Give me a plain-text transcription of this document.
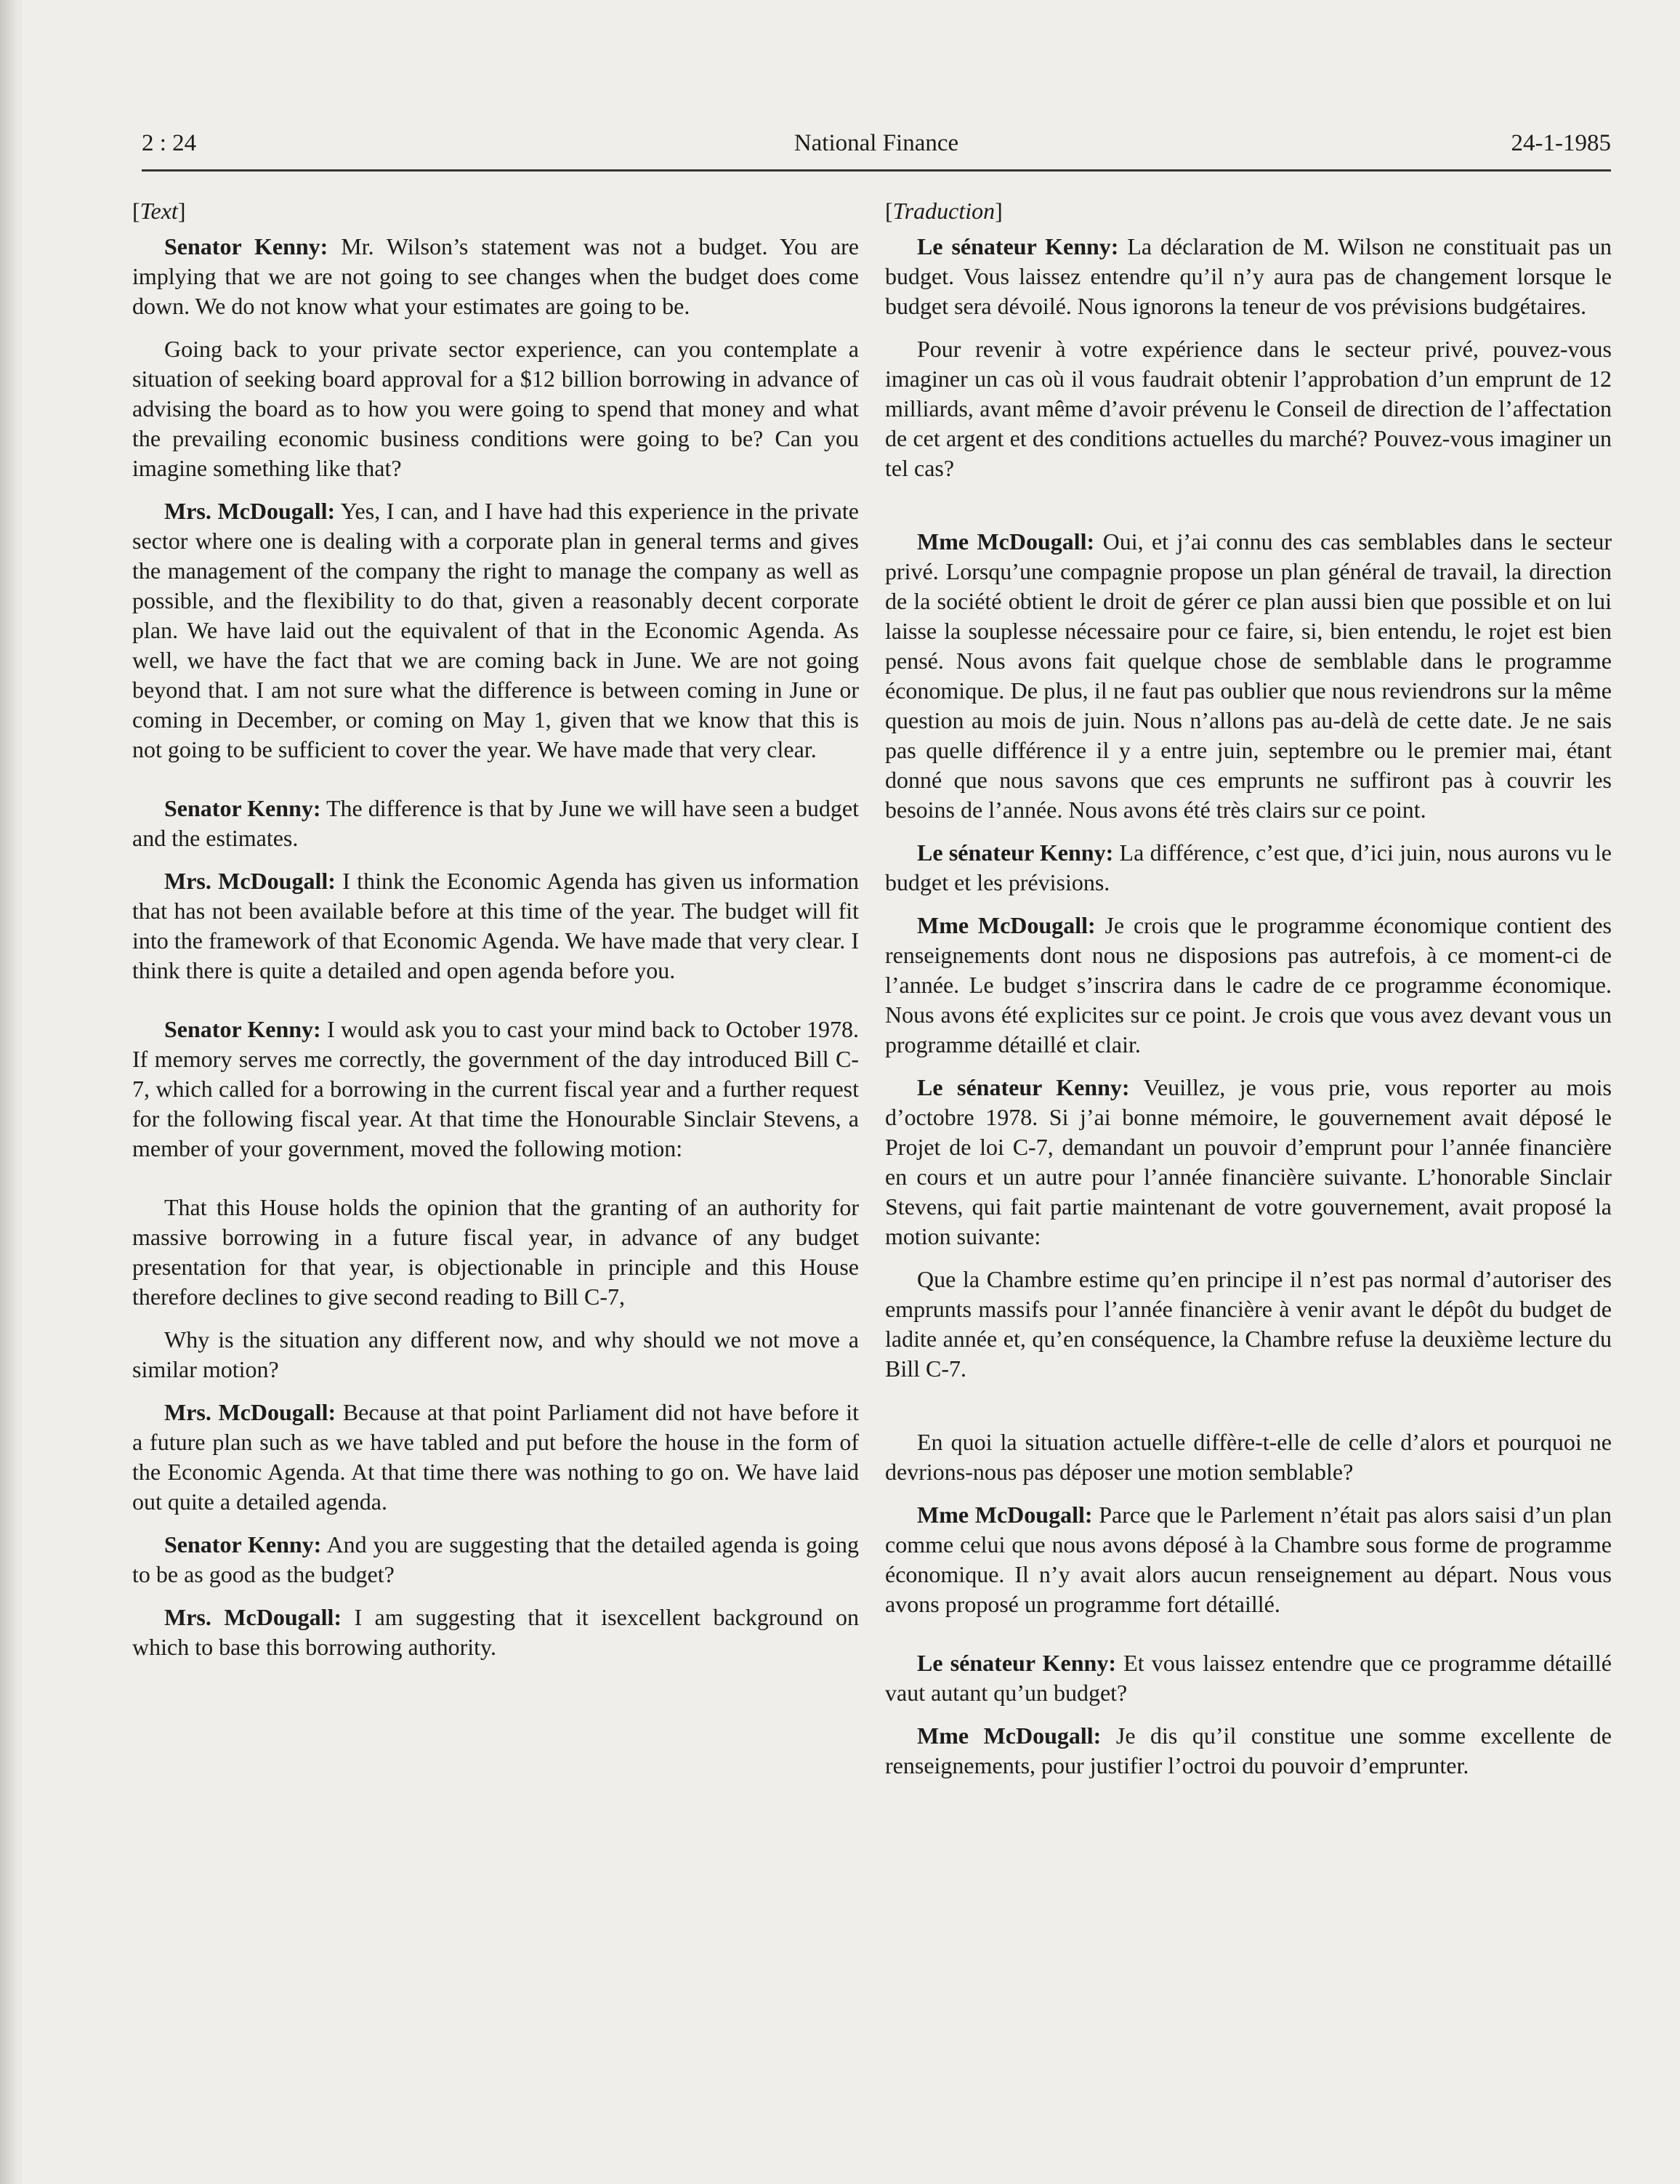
2 : 24	National Finance	24-1-1985

[Text]

Senator Kenny: Mr. Wilson’s statement was not a budget. You are implying that we are not going to see changes when the budget does come down. We do not know what your estimates are going to be.

Going back to your private sector experience, can you contemplate a situation of seeking board approval for a $12 billion borrowing in advance of advising the board as to how you were going to spend that money and what the prevailing economic business conditions were going to be? Can you imagine something like that?

Mrs. McDougall: Yes, I can, and I have had this experience in the private sector where one is dealing with a corporate plan in general terms and gives the management of the company the right to manage the company as well as possible, and the flexibility to do that, given a reasonably decent corporate plan. We have laid out the equivalent of that in the Economic Agenda. As well, we have the fact that we are coming back in June. We are not going beyond that. I am not sure what the difference is between coming in June or coming in December, or coming on May 1, given that we know that this is not going to be sufficient to cover the year. We have made that very clear.

Senator Kenny: The difference is that by June we will have seen a budget and the estimates.

Mrs. McDougall: I think the Economic Agenda has given us information that has not been available before at this time of the year. The budget will fit into the framework of that Economic Agenda. We have made that very clear. I think there is quite a detailed and open agenda before you.

Senator Kenny: I would ask you to cast your mind back to October 1978. If memory serves me correctly, the government of the day introduced Bill C-7, which called for a borrowing in the current fiscal year and a further request for the following fiscal year. At that time the Honourable Sinclair Stevens, a member of your government, moved the following motion:

That this House holds the opinion that the granting of an authority for massive borrowing in a future fiscal year, in advance of any budget presentation for that year, is objectionable in principle and this House therefore declines to give second reading to Bill C-7,

Why is the situation any different now, and why should we not move a similar motion?

Mrs. McDougall: Because at that point Parliament did not have before it a future plan such as we have tabled and put before the house in the form of the Economic Agenda. At that time there was nothing to go on. We have laid out quite a detailed agenda.

Senator Kenny: And you are suggesting that the detailed agenda is going to be as good as the budget?

Mrs. McDougall: I am suggesting that it isexcellent background on which to base this borrowing authority.

[Traduction]

Le sénateur Kenny: La déclaration de M. Wilson ne constituait pas un budget. Vous laissez entendre qu’il n’y aura pas de changement lorsque le budget sera dévoilé. Nous ignorons la teneur de vos prévisions budgétaires.

Pour revenir à votre expérience dans le secteur privé, pouvez-vous imaginer un cas où il vous faudrait obtenir l’approbation d’un emprunt de 12 milliards, avant même d’avoir prévenu le Conseil de direction de l’affectation de cet argent et des conditions actuelles du marché? Pouvez-vous imaginer un tel cas?

Mme McDougall: Oui, et j’ai connu des cas semblables dans le secteur privé. Lorsqu’une compagnie propose un plan général de travail, la direction de la société obtient le droit de gérer ce plan aussi bien que possible et on lui laisse la souplesse nécessaire pour ce faire, si, bien entendu, le rojet est bien pensé. Nous avons fait quelque chose de semblable dans le programme économique. De plus, il ne faut pas oublier que nous reviendrons sur la même question au mois de juin. Nous n’allons pas au-delà de cette date. Je ne sais pas quelle différence il y a entre juin, septembre ou le premier mai, étant donné que nous savons que ces emprunts ne suffiront pas à couvrir les besoins de l’année. Nous avons été très clairs sur ce point.

Le sénateur Kenny: La différence, c’est que, d’ici juin, nous aurons vu le budget et les prévisions.

Mme McDougall: Je crois que le programme économique contient des renseignements dont nous ne disposions pas autrefois, à ce moment-ci de l’année. Le budget s’inscrira dans le cadre de ce programme économique. Nous avons été explicites sur ce point. Je crois que vous avez devant vous un programme détaillé et clair.

Le sénateur Kenny: Veuillez, je vous prie, vous reporter au mois d’octobre 1978. Si j’ai bonne mémoire, le gouvernement avait déposé le Projet de loi C-7, demandant un pouvoir d’emprunt pour l’année financière en cours et un autre pour l’année financière suivante. L’honorable Sinclair Stevens, qui fait partie maintenant de votre gouvernement, avait proposé la motion suivante:

Que la Chambre estime qu’en principe il n’est pas normal d’autoriser des emprunts massifs pour l’année financière à venir avant le dépôt du budget de ladite année et, qu’en conséquence, la Chambre refuse la deuxième lecture du Bill C-7.

En quoi la situation actuelle diffère-t-elle de celle d’alors et pourquoi ne devrions-nous pas déposer une motion semblable?

Mme McDougall: Parce que le Parlement n’était pas alors saisi d’un plan comme celui que nous avons déposé à la Chambre sous forme de programme économique. Il n’y avait alors aucun renseignement au départ. Nous vous avons proposé un programme fort détaillé.

Le sénateur Kenny: Et vous laissez entendre que ce programme détaillé vaut autant qu’un budget?

Mme McDougall: Je dis qu’il constitue une somme excellente de renseignements, pour justifier l’octroi du pouvoir d’emprunter.
